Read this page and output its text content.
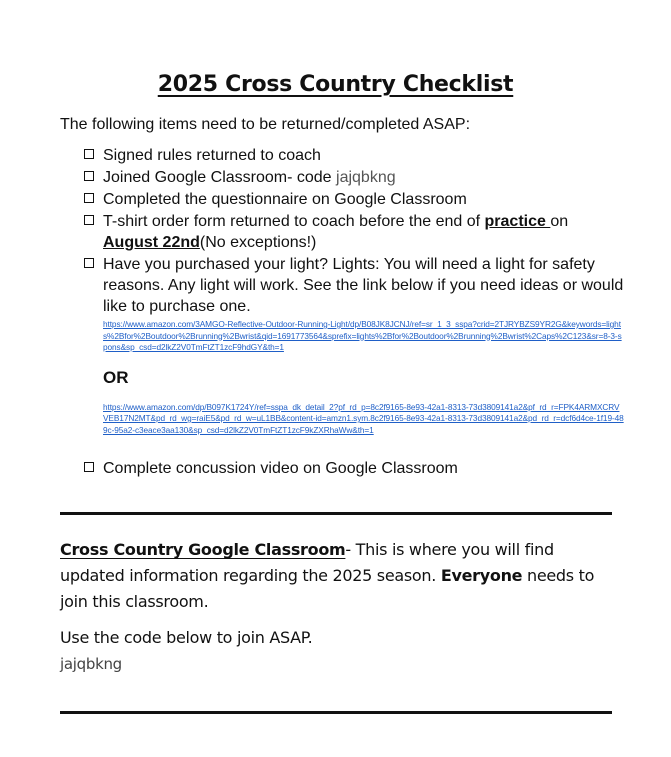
2025 Cross Country Checklist
The following items need to be returned/completed ASAP:
Signed rules returned to coach
Joined Google Classroom- code jajqbkng
Completed the questionnaire on Google Classroom
T-shirt order form returned to coach before the end of practice on August 22nd(No exceptions!)
Have you purchased your light? Lights: You will need a light for safety reasons. Any light will work. See the link below if you need ideas or would like to purchase one.
https://www.amazon.com/3AMGO-Reflective-Outdoor-Running-Light/dp/B08JK8JCNJ/ref=sr_1_3_sspa?crid=2TJRYBZS9YR2G&keywords=lights%2Bfor%2Boutdoor%2Brunning%2Bwrist&qid=1691773564&sprefix=lights%2Bfor%2Boutdoor%2Brunning%2Bwrist%2Caps%2C123&sr=8-3-spons&sp_csd=d2lkZ2V0TmFtZT1zcF9hdGY&th=1
OR
https://www.amazon.com/dp/B097K1724Y/ref=sspa_dk_detail_2?pf_rd_p=8c2f9165-8e93-42a1-8313-73d3809141a2&pf_rd_r=FPK4ARMXCRVVEB17N2MT&pd_rd_wg=raiE5&pd_rd_w=uL1BB&content-id=amzn1.sym.8c2f9165-8e93-42a1-8313-73d3809141a2&pd_rd_r=dcf6d4ce-1f19-489c-95a2-c3eace3aa130&sp_csd=d2lkZ2V0TmFtZT1zcF9kZXRhaWw&th=1
Complete concussion video on Google Classroom

Cross Country Google Classroom- This is where you will find updated information regarding the 2025 season. Everyone needs to join this classroom.

Use the code below to join ASAP.

jajqbkng
